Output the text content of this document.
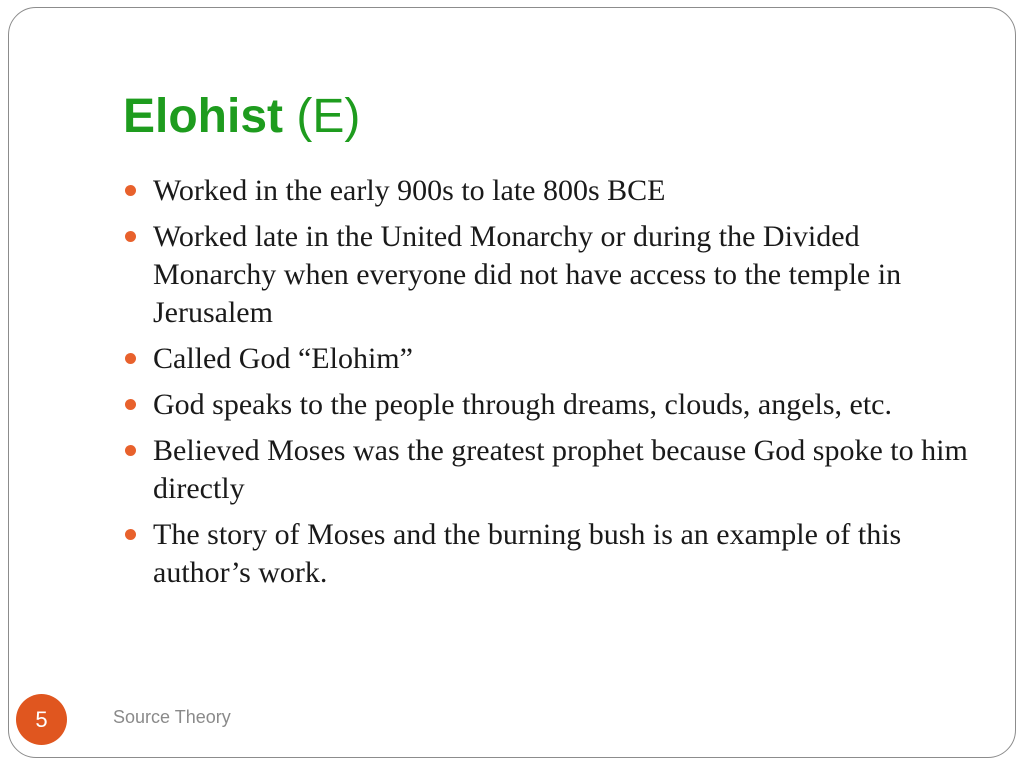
Elohist (E)
Worked in the early 900s to late 800s BCE
Worked late in the United Monarchy or during the Divided Monarchy when everyone did not have access to the temple in Jerusalem
Called God “Elohim”
God speaks to the people through dreams, clouds, angels, etc.
Believed Moses was the greatest prophet because God spoke to him directly
The story of Moses and the burning bush is an example of this author’s work.
5	Source Theory
